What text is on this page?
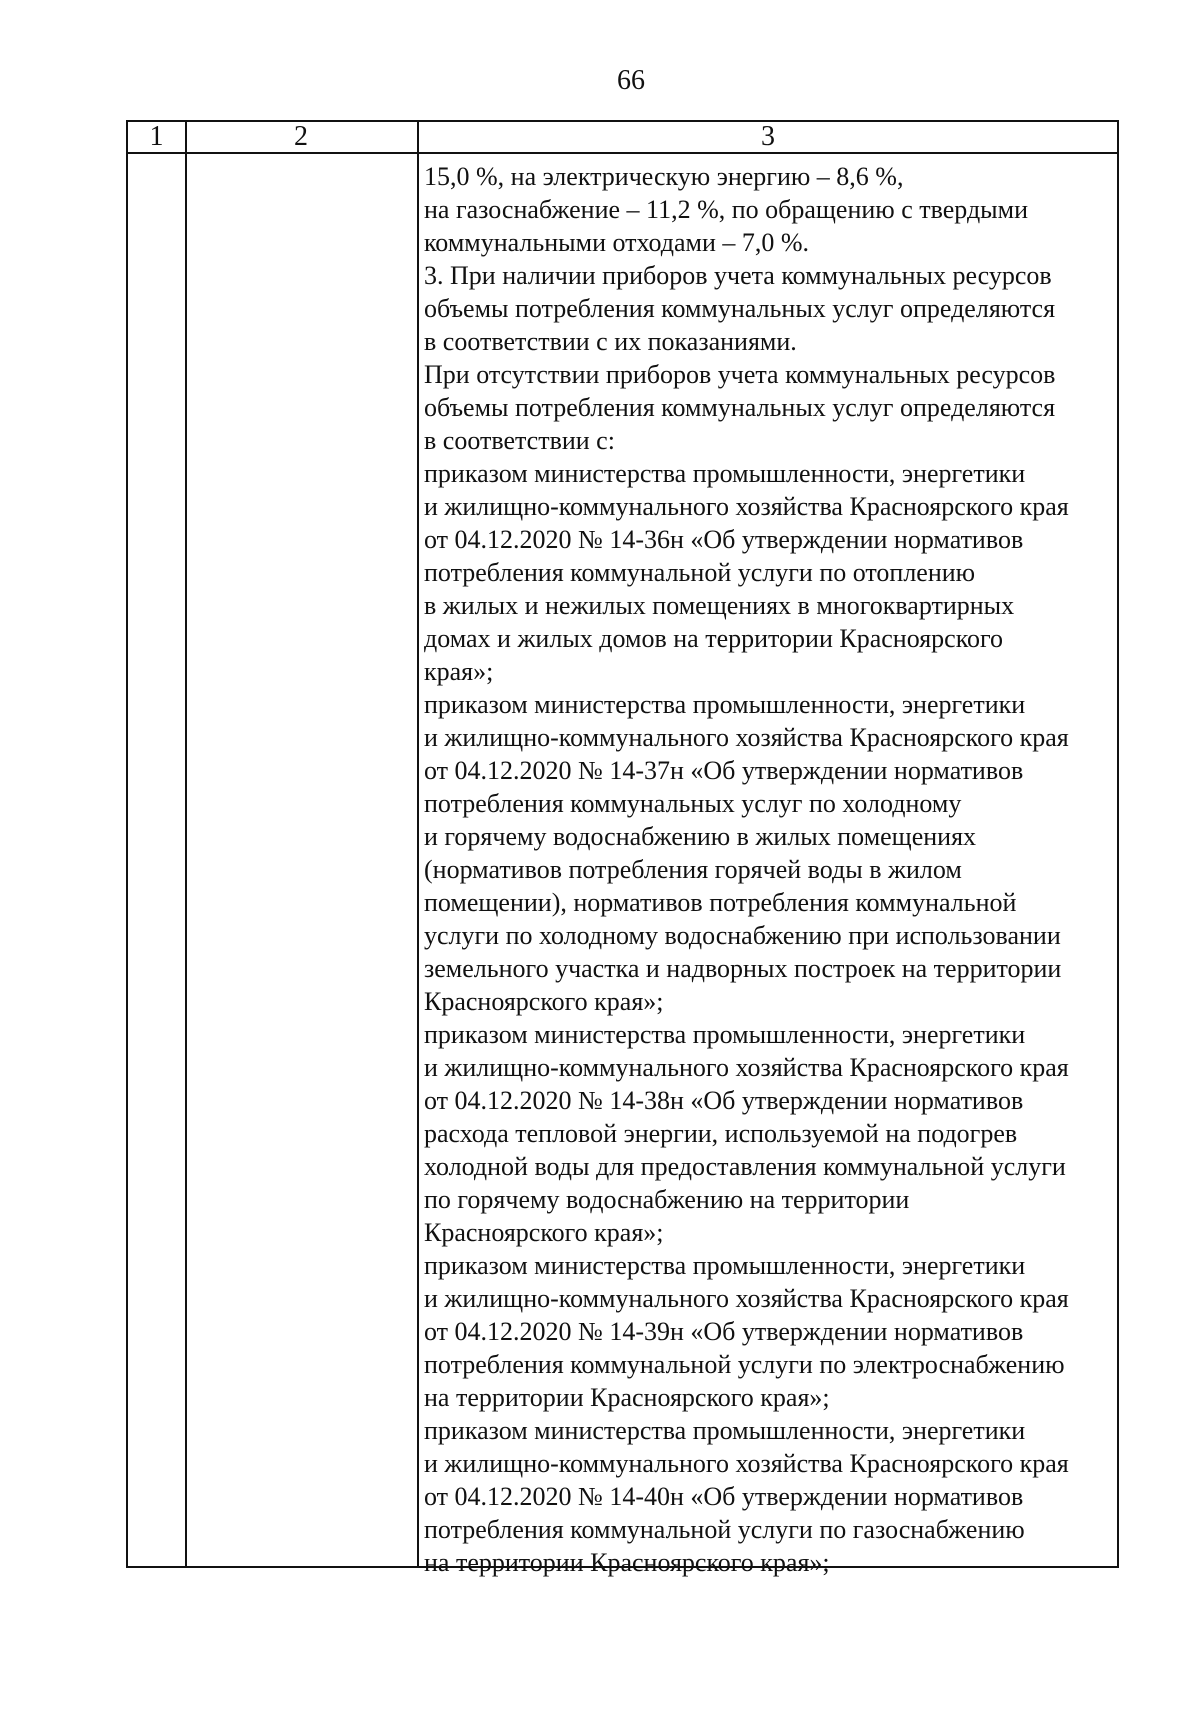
66
1	2	3
15,0 %, на электрическую энергию – 8,6 %,
на газоснабжение – 11,2 %, по обращению с твердыми
коммунальными отходами – 7,0 %.
3. При наличии приборов учета коммунальных ресурсов
объемы потребления коммунальных услуг определяются
в соответствии с их показаниями.
При отсутствии приборов учета коммунальных ресурсов
объемы потребления коммунальных услуг определяются
в соответствии с:
приказом министерства промышленности, энергетики
и жилищно-коммунального хозяйства Красноярского края
от 04.12.2020 № 14-36н «Об утверждении нормативов
потребления коммунальной услуги по отоплению
в жилых и нежилых помещениях в многоквартирных
домах и жилых домов на территории Красноярского
края»;
приказом министерства промышленности, энергетики
и жилищно-коммунального хозяйства Красноярского края
от 04.12.2020 № 14-37н «Об утверждении нормативов
потребления коммунальных услуг по холодному
и горячему водоснабжению в жилых помещениях
(нормативов потребления горячей воды в жилом
помещении), нормативов потребления коммунальной
услуги по холодному водоснабжению при использовании
земельного участка и надворных построек на территории
Красноярского края»;
приказом министерства промышленности, энергетики
и жилищно-коммунального хозяйства Красноярского края
от 04.12.2020 № 14-38н «Об утверждении нормативов
расхода тепловой энергии, используемой на подогрев
холодной воды для предоставления коммунальной услуги
по горячему водоснабжению на территории
Красноярского края»;
приказом министерства промышленности, энергетики
и жилищно-коммунального хозяйства Красноярского края
от 04.12.2020 № 14-39н «Об утверждении нормативов
потребления коммунальной услуги по электроснабжению
на территории Красноярского края»;
приказом министерства промышленности, энергетики
и жилищно-коммунального хозяйства Красноярского края
от 04.12.2020 № 14-40н «Об утверждении нормативов
потребления коммунальной услуги по газоснабжению
на территории Красноярского края»;
